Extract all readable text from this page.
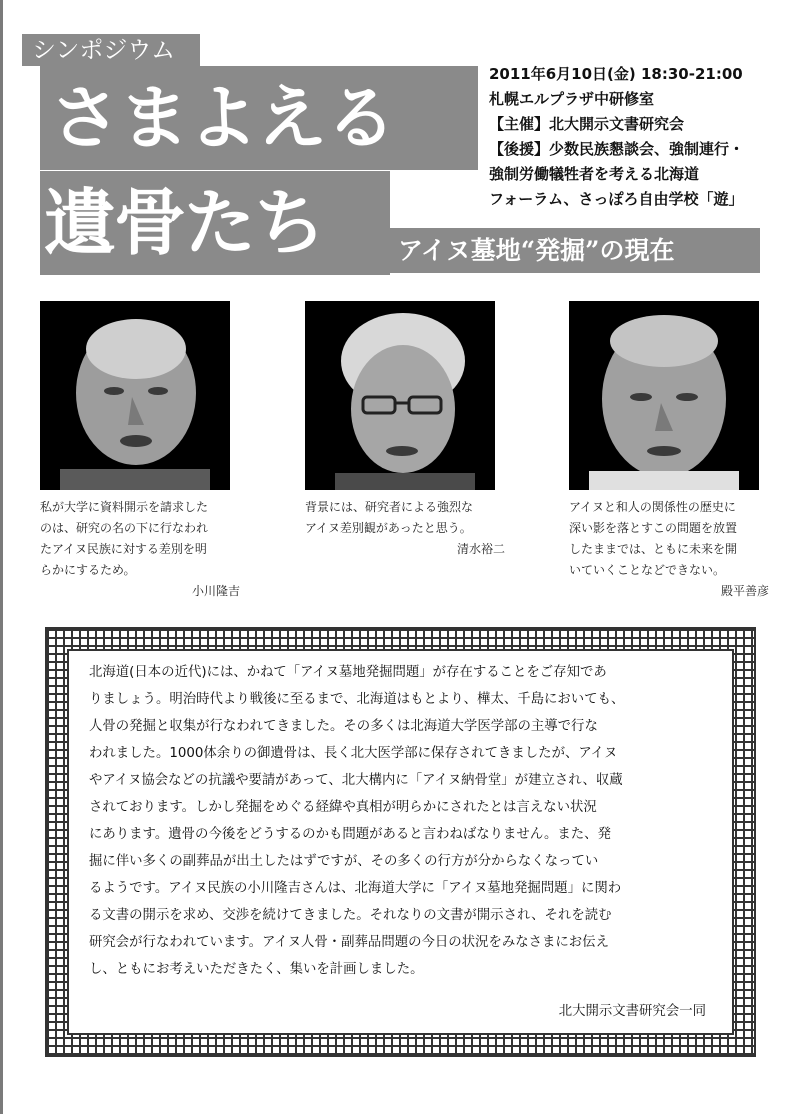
シンポジウム
さまよえる
遺骨たち	アイヌ墓地“発掘”の現在
2011年6月10日(金) 18:30-21:00
札幌エルプラザ中研修室
【主催】北大開示文書研究会
【後援】少数民族懇談会、強制連行・
強制労働犠牲者を考える北海道
フォーラム、さっぽろ自由学校「遊」
私が大学に資料開示を請求した
のは、研究の名の下に行なわれ
たアイヌ民族に対する差別を明
らかにするため。
小川隆吉
背景には、研究者による強烈な
アイヌ差別観があったと思う。
清水裕二
アイヌと和人の関係性の歴史に
深い影を落とすこの問題を放置
したままでは、ともに未来を開
いていくことなどできない。
殿平善彦
北海道(日本の近代)には、かねて「アイヌ墓地発掘問題」が存在することをご存知であ
りましょう。明治時代より戦後に至るまで、北海道はもとより、樺太、千島においても、
人骨の発掘と収集が行なわれてきました。その多くは北海道大学医学部の主導で行な
われました。1000体余りの御遺骨は、長く北大医学部に保存されてきましたが、アイヌ
やアイヌ協会などの抗議や要請があって、北大構内に「アイヌ納骨堂」が建立され、収蔵
されております。しかし発掘をめぐる経緯や真相が明らかにされたとは言えない状況
にあります。遺骨の今後をどうするのかも問題があると言わねばなりません。また、発
掘に伴い多くの副葬品が出土したはずですが、その多くの行方が分からなくなってい
るようです。アイヌ民族の小川隆吉さんは、北海道大学に「アイヌ墓地発掘問題」に関わ
る文書の開示を求め、交渉を続けてきました。それなりの文書が開示され、それを読む
研究会が行なわれています。アイヌ人骨・副葬品問題の今日の状況をみなさまにお伝え
し、ともにお考えいただきたく、集いを計画しました。
北大開示文書研究会一同
